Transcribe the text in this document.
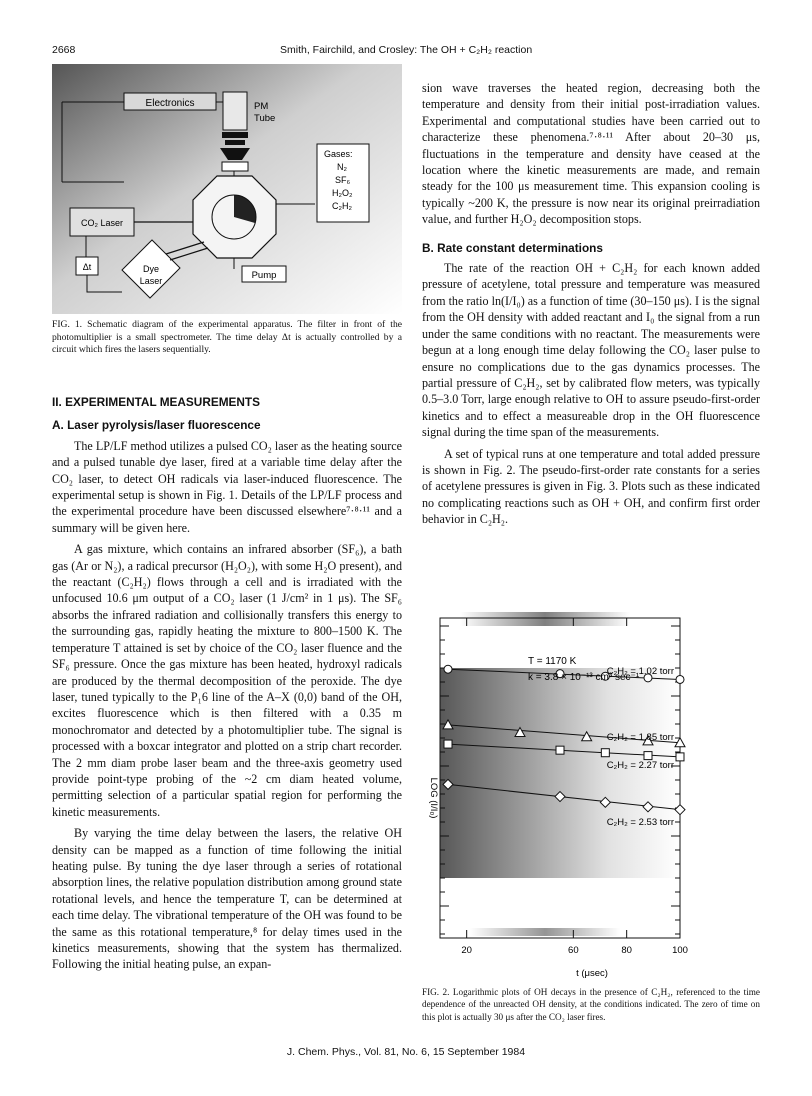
2668	Smith, Fairchild, and Crosley: The OH + C₂H₂ reaction
Electronics	PM
Tube
Gases:
N₂
SF₆
H₂O₂
C₂H₂
CO₂ Laser
Δt	Dye
Laser	Pump
FIG. 1. Schematic diagram of the experimental apparatus. The filter in front of the photomultiplier is a small spectrometer. The time delay Δt is actually controlled by a circuit which fires the lasers sequentially.
II. EXPERIMENTAL MEASUREMENTS
A. Laser pyrolysis/laser fluorescence

The LP/LF method utilizes a pulsed CO₂ laser as the heating source and a pulsed tunable dye laser, fired at a variable time delay after the CO₂ laser, to detect OH radicals via laser-induced fluorescence. The experimental setup is shown in Fig. 1. Details of the LP/LF process and the experimental procedure have been discussed elsewhere⁷·⁸·¹¹ and a summary will be given here.

A gas mixture, which contains an infrared absorber (SF₆), a bath gas (Ar or N₂), a radical precursor (H₂O₂), with some H₂O present), and the reactant (C₂H₂) flows through a cell and is irradiated with the unfocused 10.6 μm output of a CO₂ laser (1 J/cm² in 1 μs). The SF₆ absorbs the infrared radiation and collisionally transfers this energy to the surrounding gas, rapidly heating the mixture to 800–1500 K. The temperature T attained is set by choice of the CO₂ laser fluence and the SF₆ pressure. Once the gas mixture has been heated, hydroxyl radicals are produced by the thermal decomposition of the peroxide. The dye laser, tuned typically to the P₁6 line of the A–X (0,0) band of the OH, excites fluorescence which is then filtered with a 0.35 m monochromator and detected by a photomultiplier tube. The signal is processed with a boxcar integrator and plotted on a strip chart recorder. The 2 mm diam probe laser beam and the three-axis geometry used provide point-type probing of the ~2 cm diam heated volume, permitting selection of a particular spatial region for performing the kinetic measurements.

By varying the time delay between the lasers, the relative OH density can be mapped as a function of time following the initial heating pulse. By tuning the dye laser through a series of rotational absorption lines, the relative population distribution among ground state rotational levels, and hence the temperature T, can be determined at each time delay. The vibrational temperature of the OH was found to be the same as this rotational temperature,⁸ for delay times used in the kinetics measurements, showing that the system has thermalized. Following the initial heating pulse, an expan-

sion wave traverses the heated region, decreasing both the temperature and density from their initial post-irradiation values. Experimental and computational studies have been carried out to characterize these phenomena.⁷·⁸·¹¹ After about 20–30 μs, fluctuations in the temperature and density have ceased at the location where the kinetic measurements are made, and remain steady for the 100 μs measurement time. This expansion cooling is typically ~200 K, the pressure is now near its original preirradiation value, and further H₂O₂ decomposition stops.

B. Rate constant determinations

The rate of the reaction OH + C₂H₂ for each known added pressure of acetylene, total pressure and temperature was measured from the ratio ln(I/I₀) as a function of time (30–150 μs). I is the signal from the OH density with added reactant and I₀ the signal from a run under the same conditions with no reactant. The measurements were begun at a long enough time delay following the CO₂ laser pulse to ensure no complications due to the gas dynamics processes. The partial pressure of C₂H₂, set by calibrated flow meters, was typically 0.5–3.0 Torr, large enough relative to OH to assure pseudo-first-order kinetics and to effect a measureable drop in the OH fluorescence signal during the time span of the measurements.

A set of typical runs at one temperature and total added pressure is shown in Fig. 2. The pseudo-first-order rate constants for a series of acetylene pressures is given in Fig. 3. Plots such as these indicated no complicating reactions such as OH + OH, and confirm first order behavior in C₂H₂.

C₂H₂ = 1.02 torr
C₂H₂ = 1.85 torr
C₂H₂ = 2.27 torr
C₂H₂ = 2.53 torr
T = 1170 K
k = 3.8 × 10⁻¹³ cm³ sec⁻¹
LOG (I/I₀)
20	60	80	100
t (μsec)
FIG. 2. Logarithmic plots of OH decays in the presence of C₂H₂, referenced to the time dependence of the unreacted OH density, at the conditions indicated. The zero of time on this plot is actually 30 μs after the CO₂ laser fires.
J. Chem. Phys., Vol. 81, No. 6, 15 September 1984
